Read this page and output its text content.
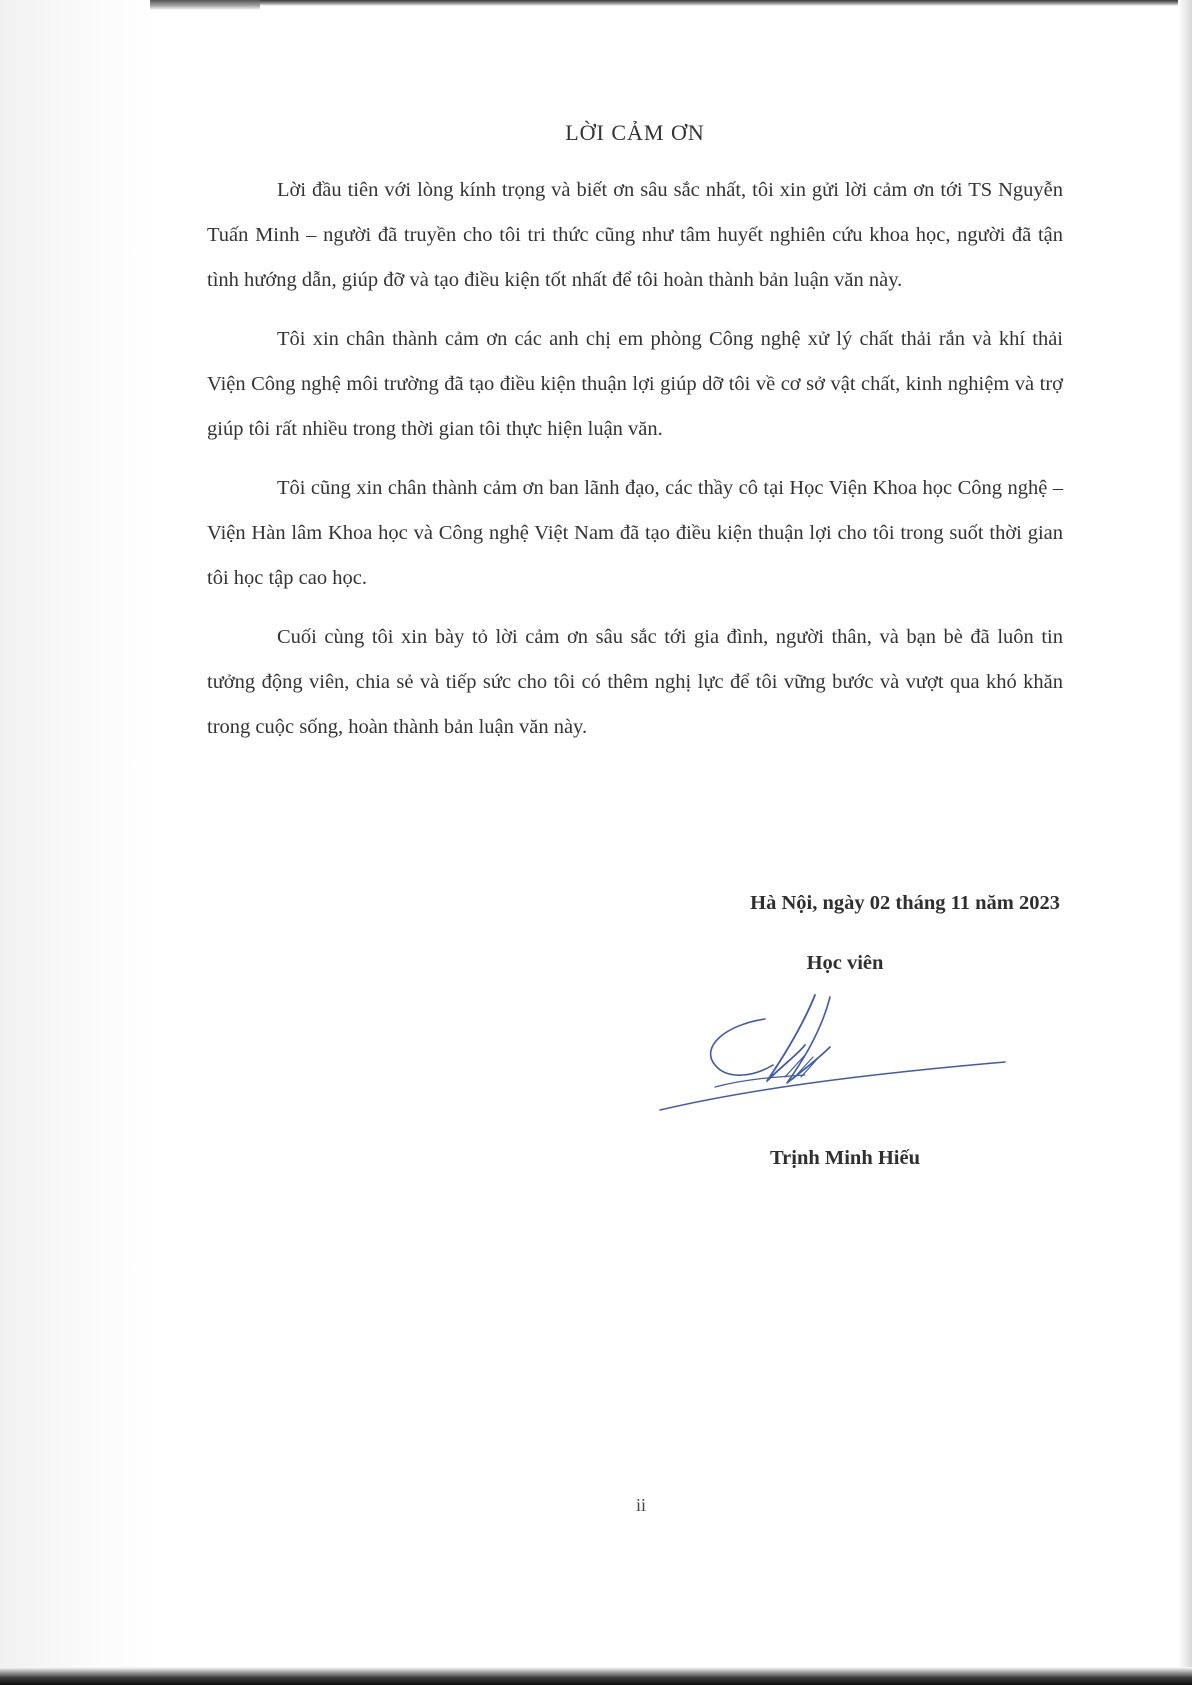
LỜI CẢM ƠN

Lời đầu tiên với lòng kính trọng và biết ơn sâu sắc nhất, tôi xin gửi lời cảm ơn tới TS Nguyễn Tuấn Minh – người đã truyền cho tôi tri thức cũng như tâm huyết nghiên cứu khoa học, người đã tận tình hướng dẫn, giúp đỡ và tạo điều kiện tốt nhất để tôi hoàn thành bản luận văn này.

Tôi xin chân thành cảm ơn các anh chị em phòng Công nghệ xử lý chất thải rắn và khí thải Viện Công nghệ môi trường đã tạo điều kiện thuận lợi giúp dỡ tôi về cơ sở vật chất, kinh nghiệm và trợ giúp tôi rất nhiều trong thời gian tôi thực hiện luận văn.

Tôi cũng xin chân thành cảm ơn ban lãnh đạo, các thầy cô tại Học Viện Khoa học Công nghệ – Viện Hàn lâm Khoa học và Công nghệ Việt Nam đã tạo điều kiện thuận lợi cho tôi trong suốt thời gian tôi học tập cao học.

Cuối cùng tôi xin bày tỏ lời cảm ơn sâu sắc tới gia đình, người thân, và bạn bè đã luôn tin tưởng động viên, chia sẻ và tiếp sức cho tôi có thêm nghị lực để tôi vững bước và vượt qua khó khăn trong cuộc sống, hoàn thành bản luận văn này.

Hà Nội, ngày 02 tháng 11 năm 2023
Học viên
Trịnh Minh Hiếu
ii
